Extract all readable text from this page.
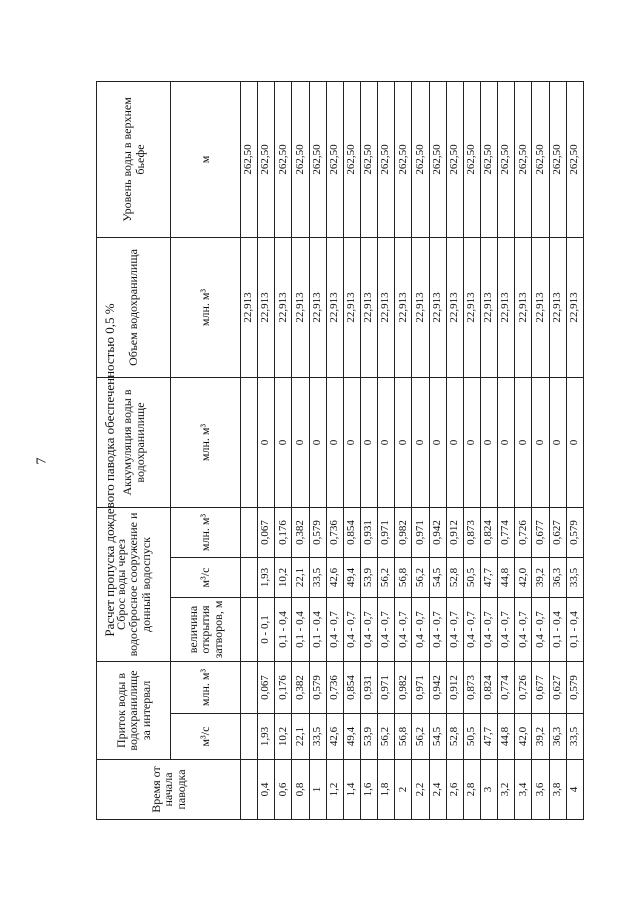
7	Расчет пропуска дождевого паводка обеспеченностью 0,5 %
Время от начала паводка	Приток воды в водохранилище за интервал		Сброс воды через водосбросное сооружение и донный водоспуск			Аккумуляция воды в водохранилище	Объем водохранилища	Уровень воды в верхнем бьефе
	м³/с	млн. м³	величина открытия затворов, м	м³/с	млн. м³	млн. м³	млн. м³	м
							22,913	262,50
0,4	1,93	0,067	0 - 0,1	1,93	0,067	0	22,913	262,50
0,6	10,2	0,176	0,1 - 0,4	10,2	0,176	0	22,913	262,50
0,8	22,1	0,382	0,1 - 0,4	22,1	0,382	0	22,913	262,50
1	33,5	0,579	0,1 - 0,4	33,5	0,579	0	22,913	262,50
1,2	42,6	0,736	0,4 - 0,7	42,6	0,736	0	22,913	262,50
1,4	49,4	0,854	0,4 - 0,7	49,4	0,854	0	22,913	262,50
1,6	53,9	0,931	0,4 - 0,7	53,9	0,931	0	22,913	262,50
1,8	56,2	0,971	0,4 - 0,7	56,2	0,971	0	22,913	262,50
2	56,8	0,982	0,4 - 0,7	56,8	0,982	0	22,913	262,50
2,2	56,2	0,971	0,4 - 0,7	56,2	0,971	0	22,913	262,50
2,4	54,5	0,942	0,4 - 0,7	54,5	0,942	0	22,913	262,50
2,6	52,8	0,912	0,4 - 0,7	52,8	0,912	0	22,913	262,50
2,8	50,5	0,873	0,4 - 0,7	50,5	0,873	0	22,913	262,50
3	47,7	0,824	0,4 - 0,7	47,7	0,824	0	22,913	262,50
3,2	44,8	0,774	0,4 - 0,7	44,8	0,774	0	22,913	262,50
3,4	42,0	0,726	0,4 - 0,7	42,0	0,726	0	22,913	262,50
3,6	39,2	0,677	0,4 - 0,7	39,2	0,677	0	22,913	262,50
3,8	36,3	0,627	0,1 - 0,4	36,3	0,627	0	22,913	262,50
4	33,5	0,579	0,1 - 0,4	33,5	0,579	0	22,913	262,50
